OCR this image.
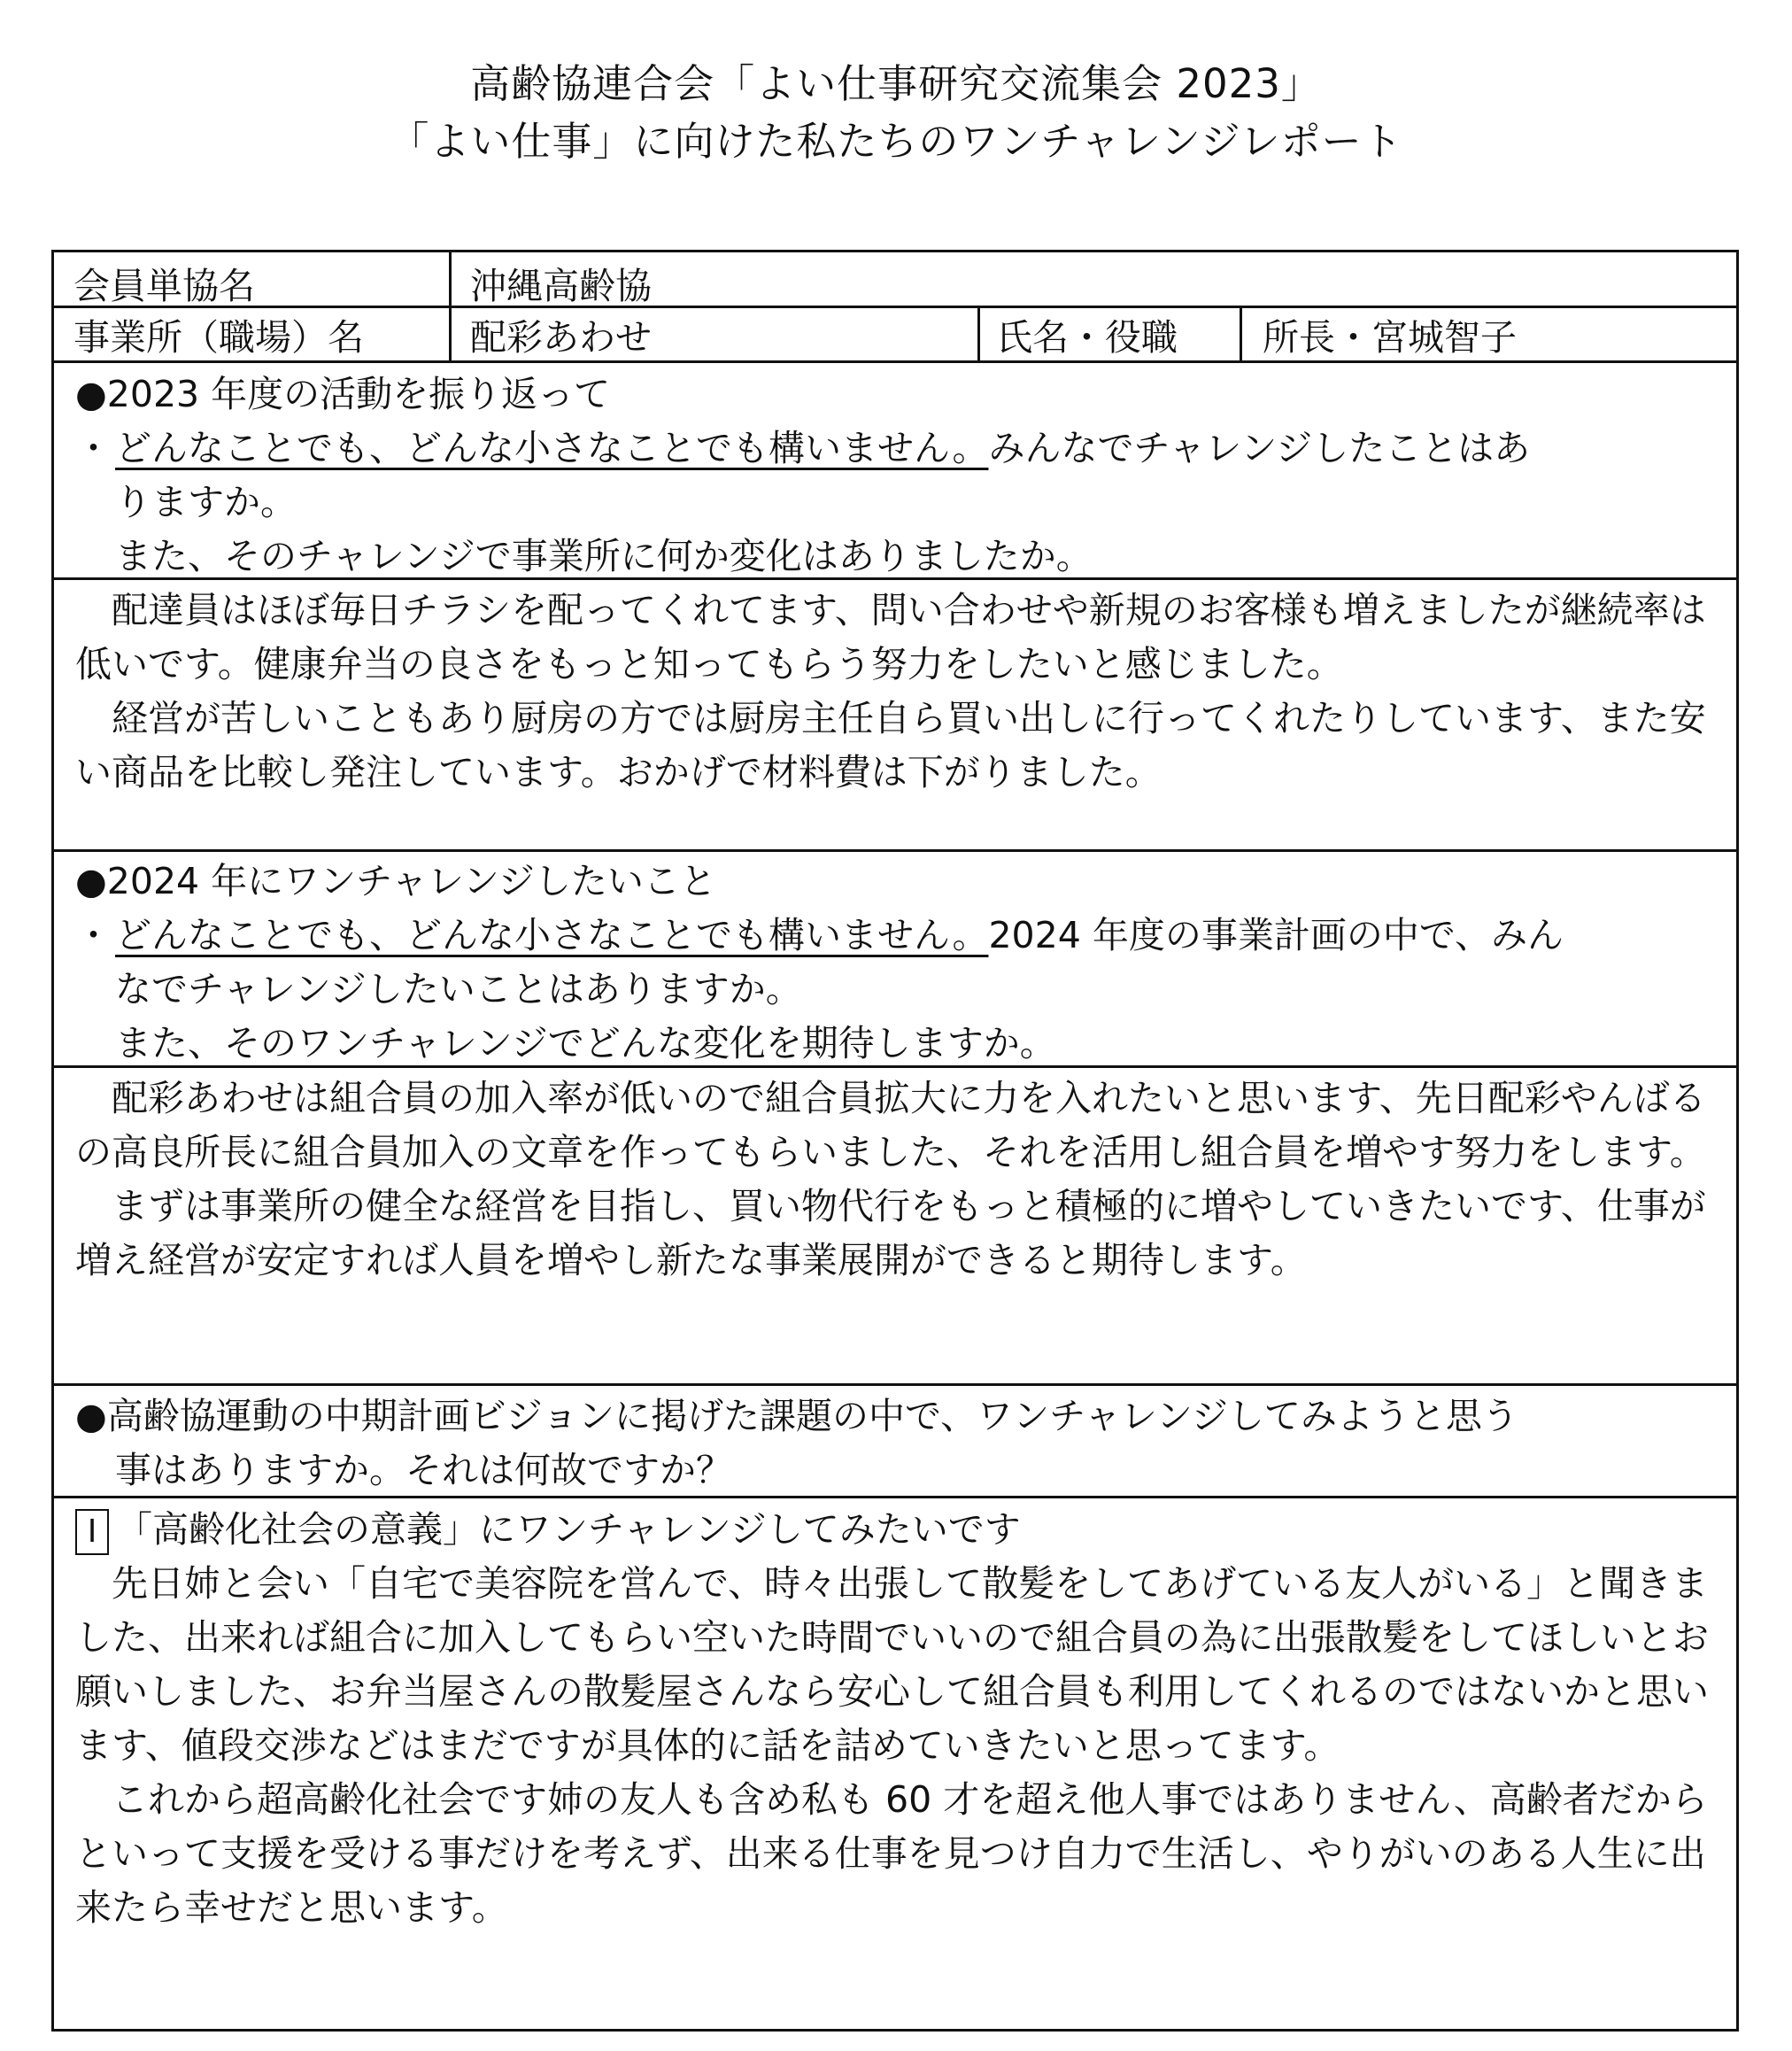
高齢協連合会「よい仕事研究交流集会 2023」
「よい仕事」に向けた私たちのワンチャレンジレポート
会員単協名	沖縄高齢協
事業所（職場）名	配彩あわせ	氏名・役職 所長・宮城智子
●2023 年度の活動を振り返って
・ どんなことでも、どんな小さなことでも構いません。みんなでチャレンジしたことはあ
りますか。
また、そのチャレンジで事業所に何か変化はありましたか。

配達員はほぼ毎日チラシを配ってくれてます、問い合わせや新規のお客様も増えましたが継続率は低いです。健康弁当の良さをもっと知ってもらう努力をしたいと感じました。

経営が苦しいこともあり厨房の方では厨房主任自ら買い出しに行ってくれたりしています、また安い商品を比較し発注しています。おかげで材料費は下がりました。

●2024 年にワンチャレンジしたいこと
・ どんなことでも、どんな小さなことでも構いません。2024 年度の事業計画の中で、みん
なでチャレンジしたいことはありますか。
また、そのワンチャレンジでどんな変化を期待しますか。

配彩あわせは組合員の加入率が低いので組合員拡大に力を入れたいと思います、先日配彩やんばるの高良所長に組合員加入の文章を作ってもらいました、それを活用し組合員を増やす努力をします。

まずは事業所の健全な経営を目指し、買い物代行をもっと積極的に増やしていきたいです、仕事が増え経営が安定すれば人員を増やし新たな事業展開ができると期待します。

●高齢協運動の中期計画ビジョンに掲げた課題の中で、ワンチャレンジしてみようと思う
事はありますか。それは何故ですか？
Ⅰ 「高齢化社会の意義」にワンチャレンジしてみたいです

先日姉と会い「自宅で美容院を営んで、時々出張して散髪をしてあげている友人がいる」と聞きました、出来れば組合に加入してもらい空いた時間でいいので組合員の為に出張散髪をしてほしいとお願いしました、お弁当屋さんの散髪屋さんなら安心して組合員も利用してくれるのではないかと思います、値段交渉などはまだですが具体的に話を詰めていきたいと思ってます。

これから超高齢化社会です姉の友人も含め私も 60 才を超え他人事ではありません、高齢者だからといって支援を受ける事だけを考えず、出来る仕事を見つけ自力で生活し、やりがいのある人生に出来たら幸せだと思います。
